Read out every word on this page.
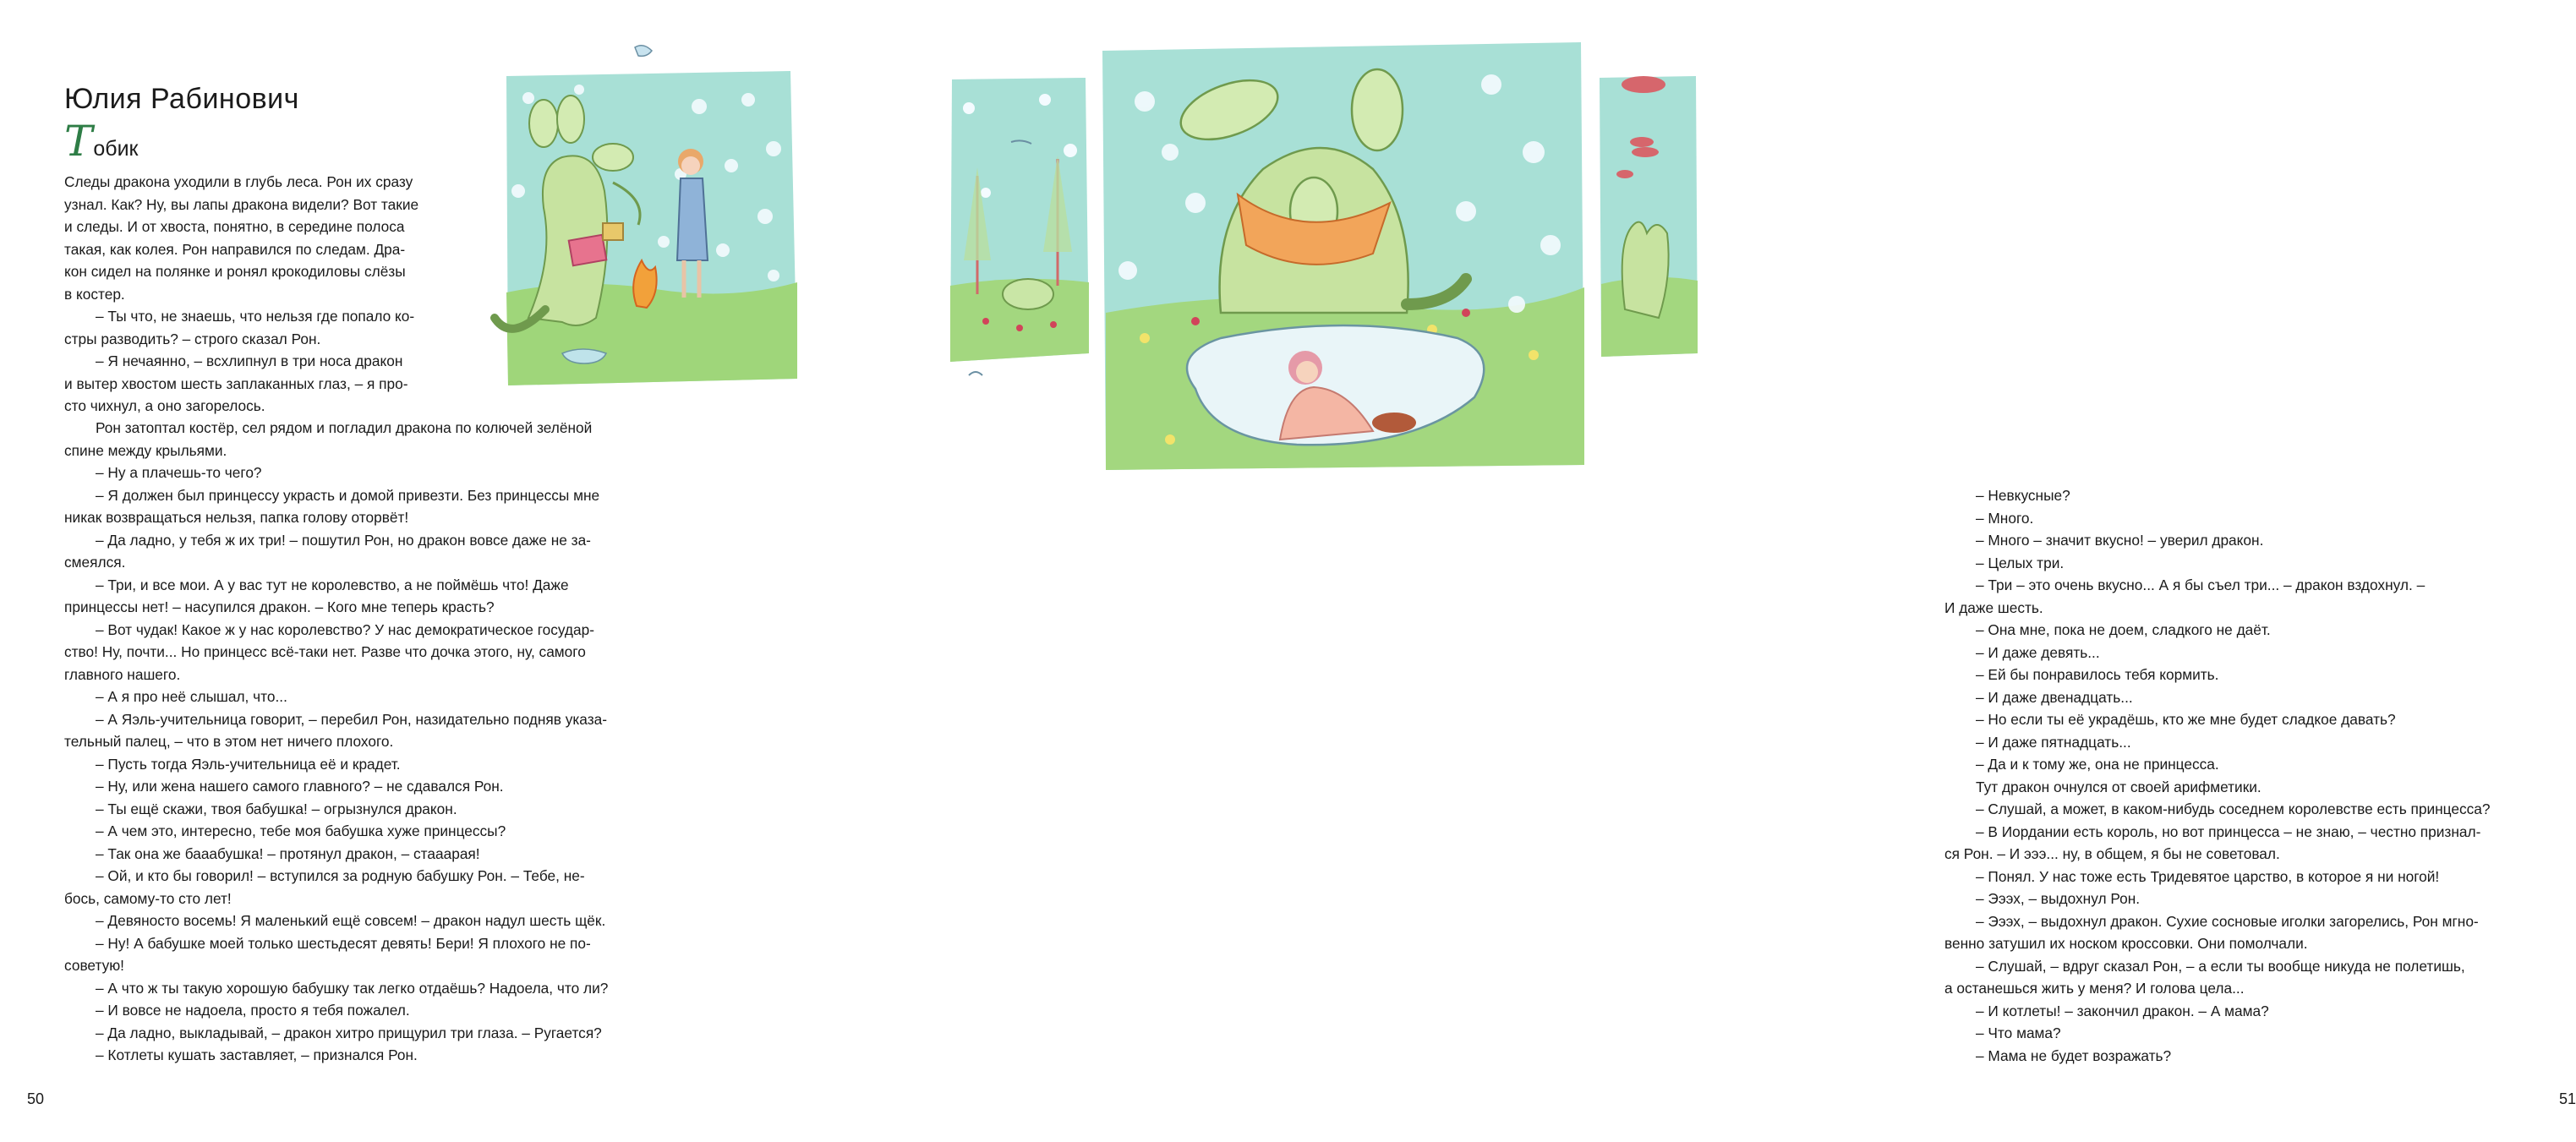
Юлия Рабинович
Тобик

Следы дракона уходили в глубь леса. Рон их сразу

узнал. Как? Ну, вы лапы дракона видели? Вот такие

и следы. И от хвоста, понятно, в середине полоса

такая, как колея. Рон направился по следам. Дра-

кон сидел на полянке и ронял крокодиловы слёзы

в костер.

– Ты что, не знаешь, что нельзя где попало ко-

стры разводить? – строго сказал Рон.

– Я нечаянно, – всхлипнул в три носа дракон

и вытер хвостом шесть заплаканных глаз, – я про-

сто чихнул, а оно загорелось.

Рон затоптал костёр, сел рядом и погладил дракона по колючей зелёной

спине между крыльями.

– Ну а плачешь-то чего?

– Я должен был принцессу украсть и домой привезти. Без принцессы мне

никак возвращаться нельзя, папка голову оторвёт!

– Да ладно, у тебя ж их три! – пошутил Рон, но дракон вовсе даже не за-

смеялся.

– Три, и все мои. А у вас тут не королевство, а не поймёшь что! Даже

принцессы нет! – насупился дракон. – Кого мне теперь красть?

– Вот чудак! Какое ж у нас королевство? У нас демократическое государ-

ство! Ну, почти... Но принцесс всё-таки нет. Разве что дочка этого, ну, самого

главного нашего.

– А я про неё слышал, что...

– А Яэль-учительница говорит, – перебил Рон, назидательно подняв указа-

тельный палец, – что в этом нет ничего плохого.

– Пусть тогда Яэль-учительница её и крадет.

– Ну, или жена нашего самого главного? – не сдавался Рон.

– Ты ещё скажи, твоя бабушка! – огрызнулся дракон.

– А чем это, интересно, тебе моя бабушка хуже принцессы?

– Так она же бааабушка! – протянул дракон, – стааарая!

– Ой, и кто бы говорил! – вступился за родную бабушку Рон. – Тебе, не-

бось, самому-то сто лет!

– Девяносто восемь! Я маленький ещё совсем! – дракон надул шесть щёк.

– Ну! А бабушке моей только шестьдесят девять! Бери! Я плохого не по-

советую!

– А что ж ты такую хорошую бабушку так легко отдаёшь? Надоела, что ли?

– И вовсе не надоела, просто я тебя пожалел.

– Да ладно, выкладывай, – дракон хитро прищурил три глаза. – Ругается?

– Котлеты кушать заставляет, – признался Рон.

50

– Невкусные?

– Много.

– Много – значит вкусно! – уверил дракон.

– Целых три.

– Три – это очень вкусно... А я бы съел три... – дракон вздохнул. –

И даже шесть.

– Она мне, пока не доем, сладкого не даёт.

– И даже девять...

– Ей бы понравилось тебя кормить.

– И даже двенадцать...

– Но если ты её украдёшь, кто же мне будет сладкое давать?

– И даже пятнадцать...

– Да и к тому же, она не принцесса.

Тут дракон очнулся от своей арифметики.

– Слушай, а может, в каком-нибудь соседнем королевстве есть принцесса?

– В Иордании есть король, но вот принцесса – не знаю, – честно признал-

ся Рон. – И эээ... ну, в общем, я бы не советовал.

– Понял. У нас тоже есть Тридевятое царство, в которое я ни ногой!

– Эээх, – выдохнул Рон.

– Эээх, – выдохнул дракон. Сухие сосновые иголки загорелись, Рон мгно-

венно затушил их носком кроссовки. Они помолчали.

– Слушай, – вдруг сказал Рон, – а если ты вообще никуда не полетишь,

а останешься жить у меня? И голова цела...

– И котлеты! – закончил дракон. – А мама?

– Что мама?

– Мама не будет возражать?

51
